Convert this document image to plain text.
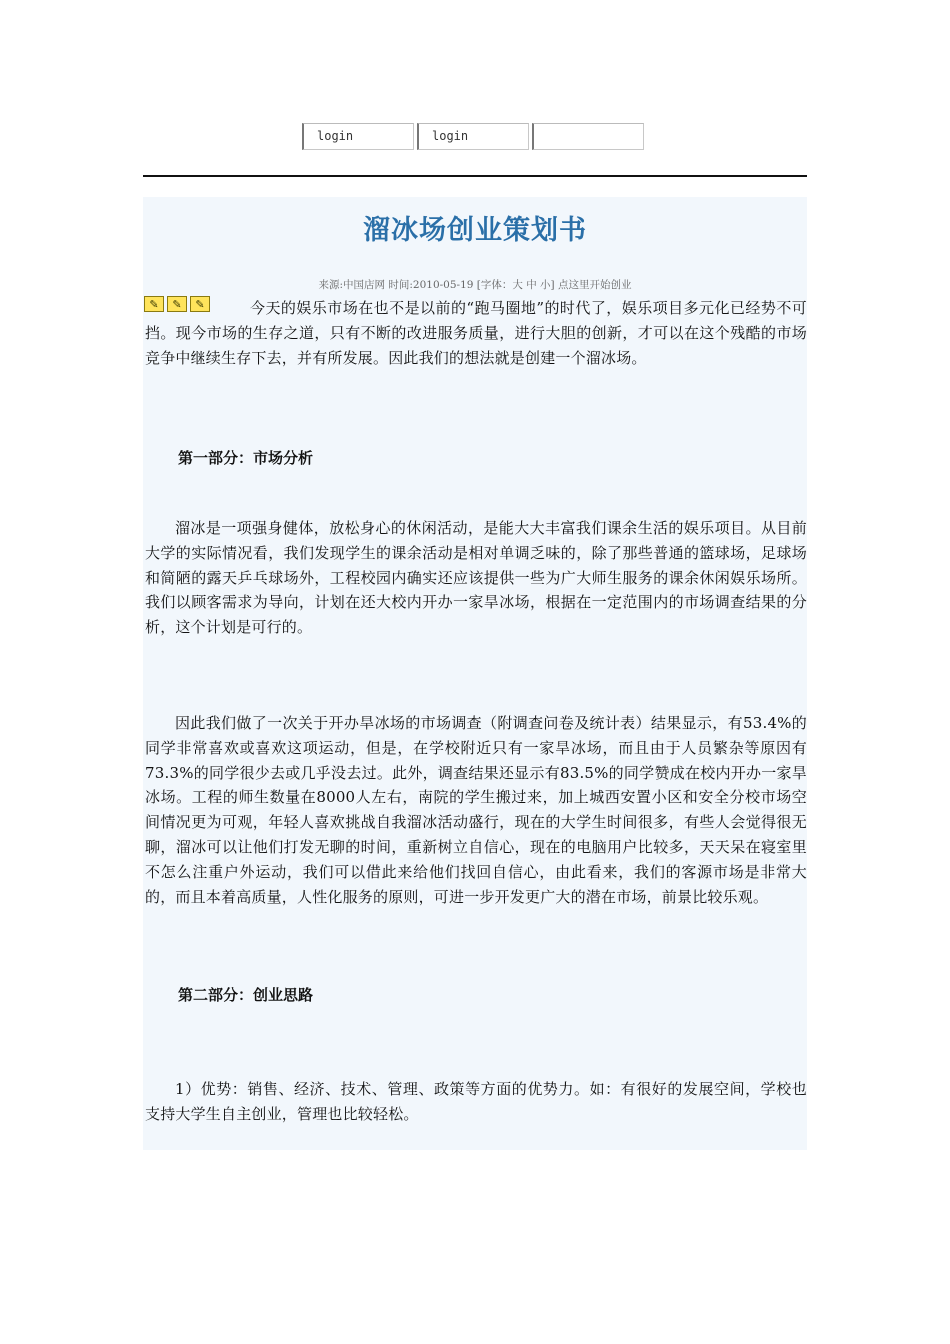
login	login
溜冰场创业策划书
来源:中国店网 时间:2010-05-19 [字体：大 中 小] 点这里开始创业
✎	✎	✎	今天的娱乐市场在也不是以前的“跑马圈地”的时代了，娱乐项目多元化已经势不可挡。现今市场的生存之道，只有不断的改进服务质量，进行大胆的创新，才可以在这个残酷的市场竞争中继续生存下去，并有所发展。因此我们的想法就是创建一个溜冰场。

第一部分：市场分析

溜冰是一项强身健体，放松身心的休闲活动，是能大大丰富我们课余生活的娱乐项目。从目前大学的实际情况看，我们发现学生的课余活动是相对单调乏味的，除了那些普通的篮球场，足球场和简陋的露天乒乓球场外，工程校园内确实还应该提供一些为广大师生服务的课余休闲娱乐场所。我们以顾客需求为导向，计划在还大校内开办一家旱冰场，根据在一定范围内的市场调查结果的分析，这个计划是可行的。

因此我们做了一次关于开办旱冰场的市场调查（附调查问卷及统计表）结果显示，有53.4%的同学非常喜欢或喜欢这项运动，但是，在学校附近只有一家旱冰场，而且由于人员繁杂等原因有73.3%的同学很少去或几乎没去过。此外，调查结果还显示有83.5%的同学赞成在校内开办一家旱冰场。工程的师生数量在8000人左右，南院的学生搬过来，加上城西安置小区和安全分校市场空间情况更为可观，年轻人喜欢挑战自我溜冰活动盛行，现在的大学生时间很多，有些人会觉得很无聊，溜冰可以让他们打发无聊的时间，重新树立自信心，现在的电脑用户比较多，天天呆在寝室里不怎么注重户外运动，我们可以借此来给他们找回自信心，由此看来，我们的客源市场是非常大的，而且本着高质量，人性化服务的原则，可进一步开发更广大的潜在市场，前景比较乐观。

第二部分：创业思路

1）优势：销售、经济、技术、管理、政策等方面的优势力。如：有很好的发展空间，学校也支持大学生自主创业，管理也比较轻松。
